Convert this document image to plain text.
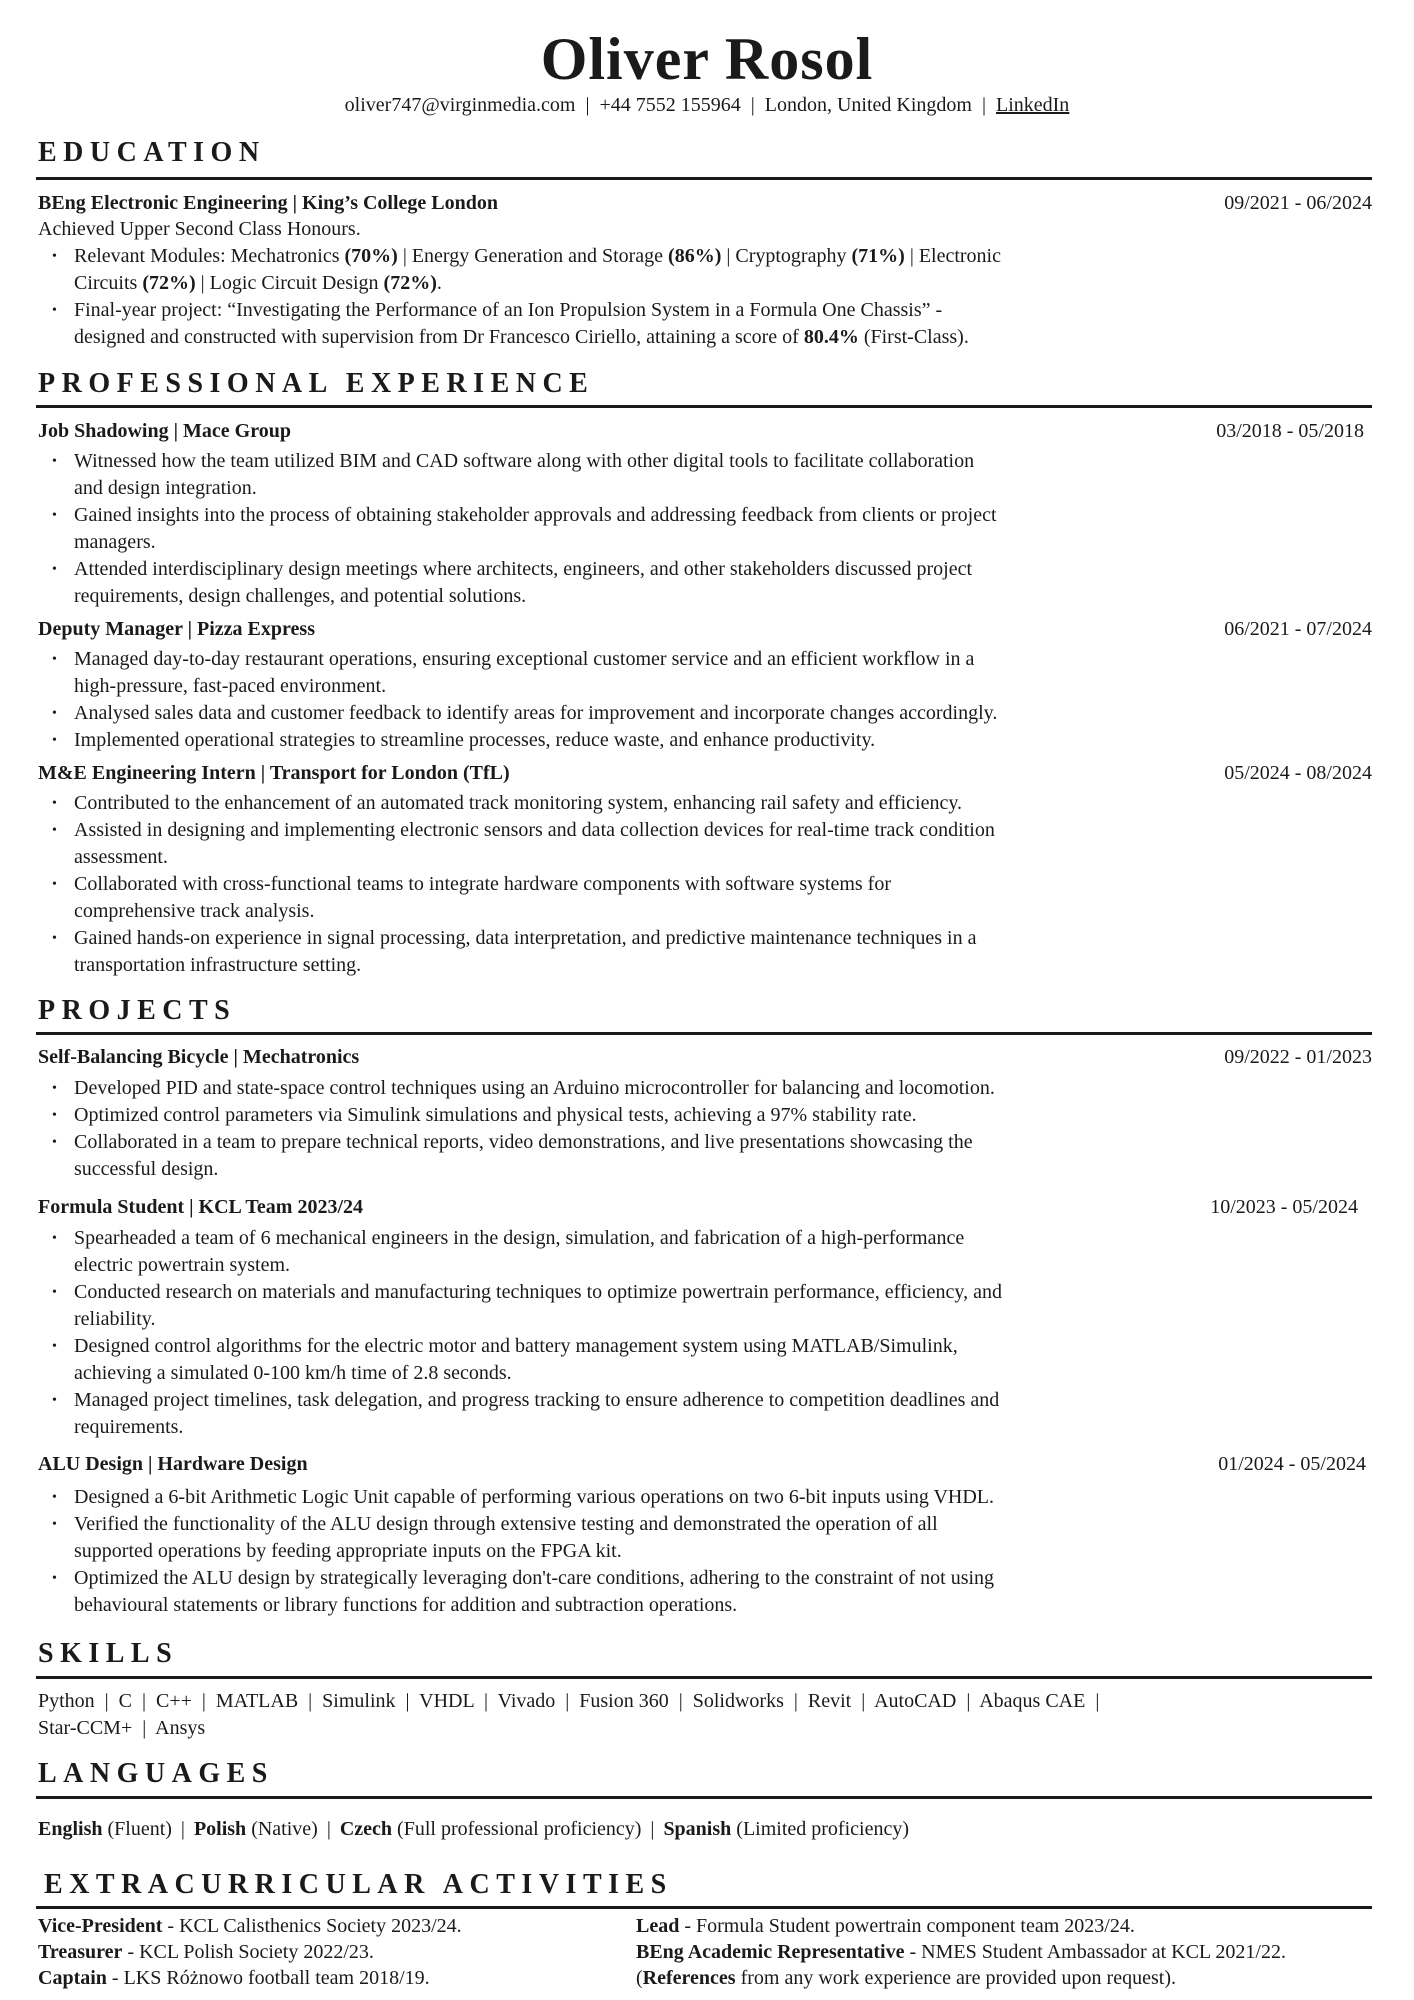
Oliver Rosol
oliver747@virginmedia.com | +44 7552 155964 | London, United Kingdom | LinkedIn
EDUCATION
BEng Electronic Engineering | King’s College London	09/2021 - 06/2024
Achieved Upper Second Class Honours.
• Relevant Modules: Mechatronics (70%) | Energy Generation and Storage (86%) | Cryptography (71%) | Electronic
Circuits (72%) | Logic Circuit Design (72%).
• Final-year project: “Investigating the Performance of an Ion Propulsion System in a Formula One Chassis” -
designed and constructed with supervision from Dr Francesco Ciriello, attaining a score of 80.4% (First-Class).
PROFESSIONAL EXPERIENCE
Job Shadowing | Mace Group	03/2018 - 05/2018
• Witnessed how the team utilized BIM and CAD software along with other digital tools to facilitate collaboration
and design integration.
• Gained insights into the process of obtaining stakeholder approvals and addressing feedback from clients or project
managers.
• Attended interdisciplinary design meetings where architects, engineers, and other stakeholders discussed project
requirements, design challenges, and potential solutions.
Deputy Manager | Pizza Express	06/2021 - 07/2024
• Managed day-to-day restaurant operations, ensuring exceptional customer service and an efficient workflow in a
high-pressure, fast-paced environment.
• Analysed sales data and customer feedback to identify areas for improvement and incorporate changes accordingly.
• Implemented operational strategies to streamline processes, reduce waste, and enhance productivity.
M&E Engineering Intern | Transport for London (TfL)	05/2024 - 08/2024
• Contributed to the enhancement of an automated track monitoring system, enhancing rail safety and efficiency.
• Assisted in designing and implementing electronic sensors and data collection devices for real-time track condition
assessment.
• Collaborated with cross-functional teams to integrate hardware components with software systems for
comprehensive track analysis.
• Gained hands-on experience in signal processing, data interpretation, and predictive maintenance techniques in a
transportation infrastructure setting.
PROJECTS
Self-Balancing Bicycle | Mechatronics	09/2022 - 01/2023
• Developed PID and state-space control techniques using an Arduino microcontroller for balancing and locomotion.
• Optimized control parameters via Simulink simulations and physical tests, achieving a 97% stability rate.
• Collaborated in a team to prepare technical reports, video demonstrations, and live presentations showcasing the
successful design.
Formula Student | KCL Team 2023/24	10/2023 - 05/2024
• Spearheaded a team of 6 mechanical engineers in the design, simulation, and fabrication of a high-performance
electric powertrain system.
• Conducted research on materials and manufacturing techniques to optimize powertrain performance, efficiency, and
reliability.
• Designed control algorithms for the electric motor and battery management system using MATLAB/Simulink,
achieving a simulated 0-100 km/h time of 2.8 seconds.
• Managed project timelines, task delegation, and progress tracking to ensure adherence to competition deadlines and
requirements.
ALU Design | Hardware Design	01/2024 - 05/2024
• Designed a 6-bit Arithmetic Logic Unit capable of performing various operations on two 6-bit inputs using VHDL.
• Verified the functionality of the ALU design through extensive testing and demonstrated the operation of all
supported operations by feeding appropriate inputs on the FPGA kit.
• Optimized the ALU design by strategically leveraging don't-care conditions, adhering to the constraint of not using
behavioural statements or library functions for addition and subtraction operations.
SKILLS
Python  |  C  |  C++  |  MATLAB  |  Simulink  |  VHDL  |  Vivado  |  Fusion 360  |  Solidworks  |  Revit  |  AutoCAD  |  Abaqus CAE  |
Star-CCM+  |  Ansys
LANGUAGES
English (Fluent) | Polish (Native) | Czech (Full professional proficiency) | Spanish (Limited proficiency)
EXTRACURRICULAR ACTIVITIES
Vice-President - KCL Calisthenics Society 2023/24.
Treasurer - KCL Polish Society 2022/23.
Captain - LKS Różnowo football team 2018/19.
Lead - Formula Student powertrain component team 2023/24.
BEng Academic Representative - NMES Student Ambassador at KCL 2021/22.
(References from any work experience are provided upon request).
